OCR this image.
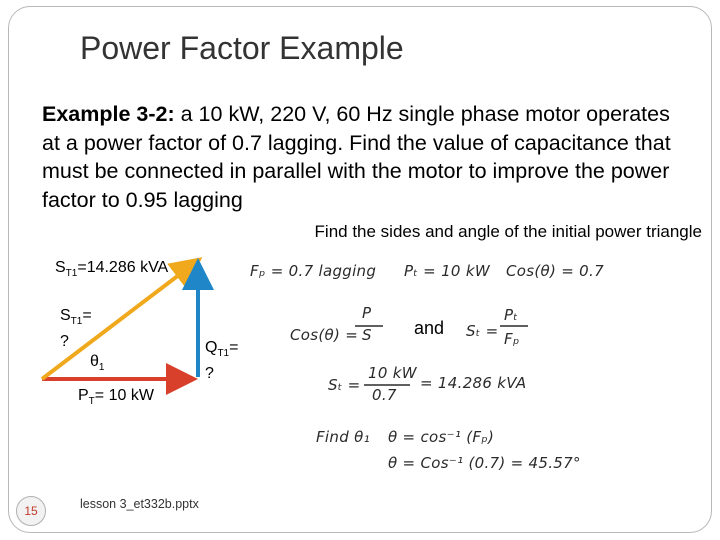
Power Factor Example
Example 3-2: a 10 kW, 220 V, 60 Hz single phase motor operates at a power factor of 0.7 lagging. Find the value of capacitance that must be connected in parallel with the motor to improve the power factor to 0.95 lagging
Find the sides and angle of the initial power triangle
$S_{T1}=14.286$ kVA
$S_{T1}=$
?
$\theta_1$
$Q_{T1}=$
?
$P_T= 10$ kW
Fₚ = 0.7 lagging Pₜ = 10 kW Cos(θ) = 0.7
Cos(θ) =
P
S and Sₜ =
Pₜ
Fₚ
Sₜ =
10 kW
0.7
= 14.286 kVA
Find θ₁ θ = cos⁻¹ (Fₚ)
θ = Cos⁻¹ (0.7) = 45.57°
15	lesson 3_et332b.pptx
